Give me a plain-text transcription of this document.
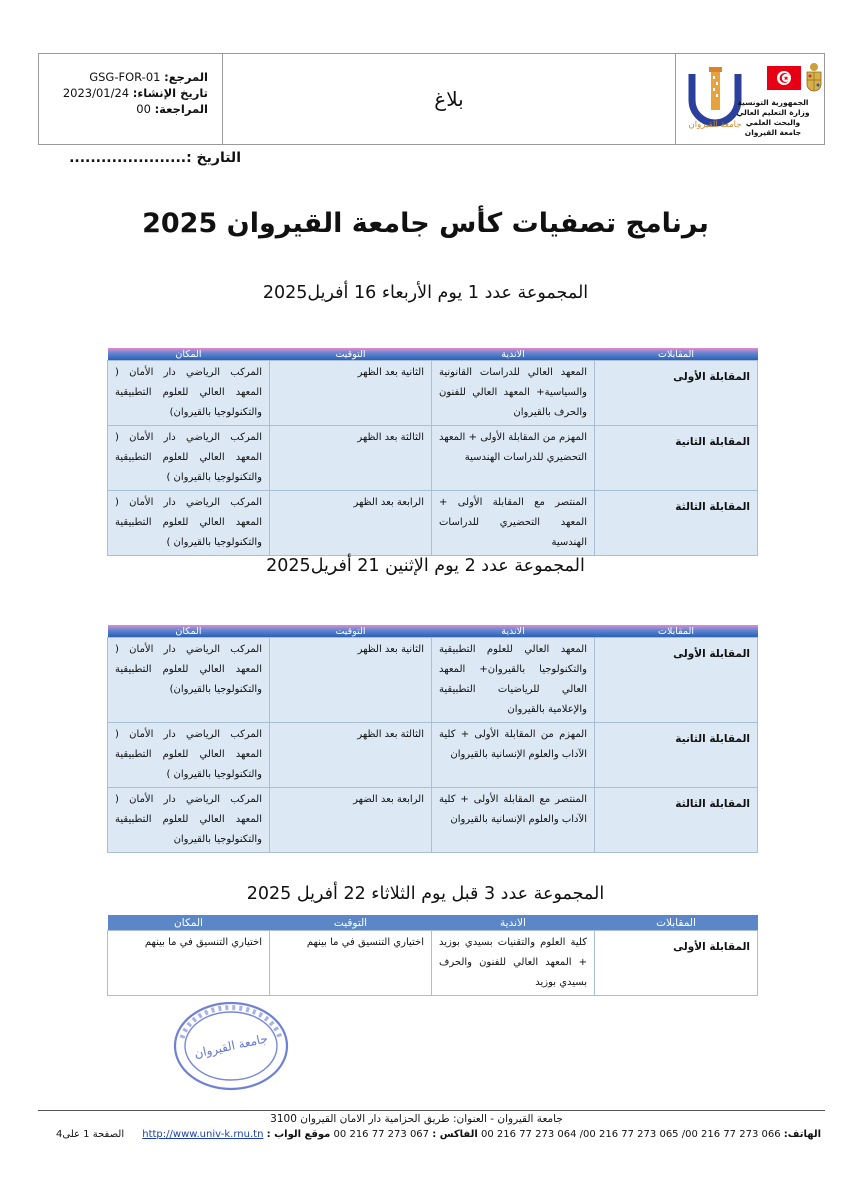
المرجع: GSG-FOR-01
تاريخ الإنشاء: 2023/01/24
المراجعة: 00	بلاغ
جامعة القيروان
الجمهورية التونسية
وزارة التعليم العالي والبحث العلمي
جامعة القيروان
التاريخ :......................
برنامج تصفيات كأس جامعة القيروان 2025
المجموعة عدد 1 يوم الأربعاء 16 أفريل2025
المقابلات	الاندية	التوقيت	المكان
المقابلة الأولى	المعهد العالي للدراسات القانونية والسياسية+ المعهد العالي للفنون والحرف بالقيروان	الثانية بعد الظهر	المركب الرياضي دار الأمان ( المعهد العالي للعلوم التطبيقية والتكنولوجيا بالقيروان)
المقابلة الثانية	المهزم من المقابلة الأولى + المعهد التحضيري للدراسات الهندسية	الثالثة بعد الظهر	المركب الرياضي دار الأمان ( المعهد العالي للعلوم التطبيقية والتكنولوجيا بالقيروان )
المقابلة الثالثة	المنتصر مع المقابلة الأولى + المعهد التحضيري للدراسات الهندسية	الرابعة بعد الظهر	المركب الرياضي دار الأمان ( المعهد العالي للعلوم التطبيقية والتكنولوجيا بالقيروان )
المجموعة عدد 2 يوم الإثنين 21 أفريل2025
المقابلات	الاندية	التوقيت	المكان
المقابلة الأولى	المعهد العالي للعلوم التطبيقية والتكنولوجيا بالقيروان+ المعهد العالي للرياضيات التطبيقية والإعلامية بالقيروان	الثانية بعد الظهر	المركب الرياضي دار الأمان ( المعهد العالي للعلوم التطبيقية والتكنولوجيا بالقيروان)
المقابلة الثانية	المهزم من المقابلة الأولى + كلية الآداب والعلوم الإنسانية بالقيروان	الثالثة بعد الظهر	المركب الرياضي دار الأمان ( المعهد العالي للعلوم التطبيقية والتكنولوجيا بالقيروان )
المقابلة الثالثة	المنتصر مع المقابلة الأولى + كلية الآداب والعلوم الإنسانية بالقيروان	الرابعة بعد الضهر	المركب الرياضي دار الأمان ( المعهد العالي للعلوم التطبيقية والتكنولوجيا بالقيروان
المجموعة عدد 3 قبل يوم الثلاثاء 22 أفريل 2025
المقابلات	الاندية	التوقيت	المكان
المقابلة الأولى	كلية العلوم والتقنيات بسيدي بوزيد + المعهد العالي للفنون والحرف بسيدي بوزيد	اختياري التنسيق في ما بينهم	اختياري التنسيق في ما بينهم
جامعة القيروان
جامعة القيروان - العنوان: طريق الحزامية دار الامان القيروان 3100
الهاتف: 066 273 77 216 00/ 065 273 77 216 00/ 064 273 77 216 00 الفاكس : 067 273 77 216 00 موقع الواب : http://www.univ-k.rnu.tn
الصفحة 1 على4
